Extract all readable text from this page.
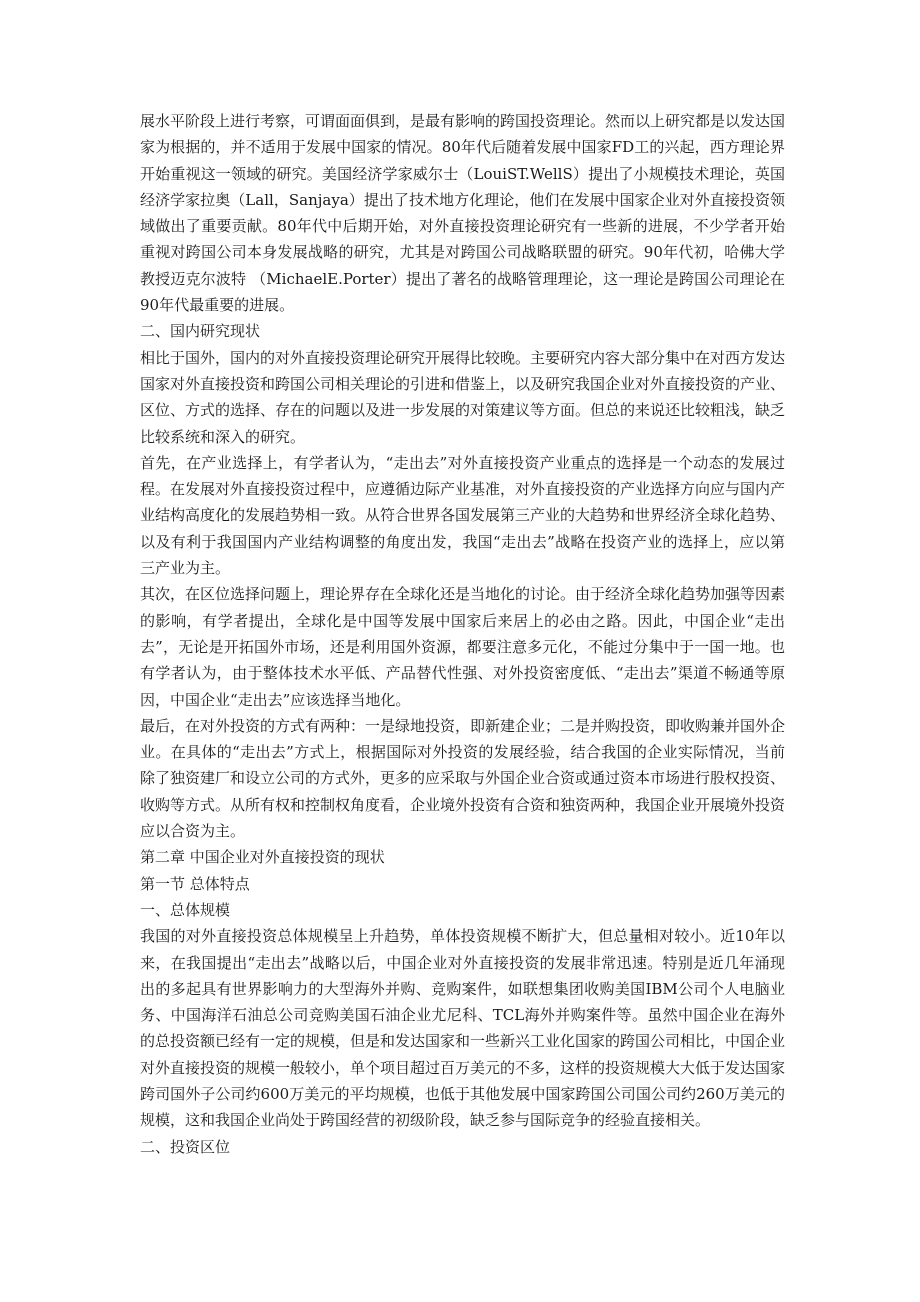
展水平阶段上进行考察，可谓面面俱到，是最有影响的跨国投资理论。然而以上研究都是以发达国家为根据的，并不适用于发展中国家的情况。80年代后随着发展中国家FD工的兴起，西方理论界开始重视这一领域的研究。美国经济学家威尔士（LouiST.WellS）提出了小规模技术理论，英国经济学家拉奥（Lall，Sanjaya）提出了技术地方化理论，他们在发展中国家企业对外直接投资领域做出了重要贡献。80年代中后期开始，对外直接投资理论研究有一些新的进展，不少学者开始重视对跨国公司本身发展战略的研究，尤其是对跨国公司战略联盟的研究。90年代初，哈佛大学教授迈克尔波特 （MichaelE.Porter）提出了著名的战略管理理论，这一理论是跨国公司理论在90年代最重要的进展。

二、国内研究现状

相比于国外，国内的对外直接投资理论研究开展得比较晚。主要研究内容大部分集中在对西方发达国家对外直接投资和跨国公司相关理论的引进和借鉴上，以及研究我国企业对外直接投资的产业、区位、方式的选择、存在的问题以及进一步发展的对策建议等方面。但总的来说还比较粗浅，缺乏比较系统和深入的研究。

首先，在产业选择上，有学者认为，“走出去”对外直接投资产业重点的选择是一个动态的发展过程。在发展对外直接投资过程中，应遵循边际产业基准，对外直接投资的产业选择方向应与国内产业结构高度化的发展趋势相一致。从符合世界各国发展第三产业的大趋势和世界经济全球化趋势、以及有利于我国国内产业结构调整的角度出发，我国“走出去”战略在投资产业的选择上，应以第三产业为主。

其次，在区位选择问题上，理论界存在全球化还是当地化的讨论。由于经济全球化趋势加强等因素的影响，有学者提出，全球化是中国等发展中国家后来居上的必由之路。因此，中国企业“走出去”，无论是开拓国外市场，还是利用国外资源，都要注意多元化，不能过分集中于一国一地。也有学者认为，由于整体技术水平低、产品替代性强、对外投资密度低、“走出去”渠道不畅通等原因，中国企业“走出去”应该选择当地化。

最后，在对外投资的方式有两种：一是绿地投资，即新建企业；二是并购投资，即收购兼并国外企业。在具体的“走出去”方式上，根据国际对外投资的发展经验，结合我国的企业实际情况，当前除了独资建厂和设立公司的方式外，更多的应采取与外国企业合资或通过资本市场进行股权投资、收购等方式。从所有权和控制权角度看，企业境外投资有合资和独资两种，我国企业开展境外投资应以合资为主。

第二章 中国企业对外直接投资的现状

第一节 总体特点

一、总体规模

我国的对外直接投资总体规模呈上升趋势，单体投资规模不断扩大，但总量相对较小。近10年以来，在我国提出“走出去”战略以后，中国企业对外直接投资的发展非常迅速。特别是近几年涌现出的多起具有世界影响力的大型海外并购、竞购案件，如联想集团收购美国IBM公司个人电脑业务、中国海洋石油总公司竞购美国石油企业尤尼科、TCL海外并购案件等。虽然中国企业在海外的总投资额已经有一定的规模，但是和发达国家和一些新兴工业化国家的跨国公司相比，中国企业对外直接投资的规模一般较小，单个项目超过百万美元的不多，这样的投资规模大大低于发达国家跨司国外子公司约600万美元的平均规模，也低于其他发展中国家跨国公司国公司约260万美元的规模，这和我国企业尚处于跨国经营的初级阶段，缺乏参与国际竞争的经验直接相关。

二、投资区位
